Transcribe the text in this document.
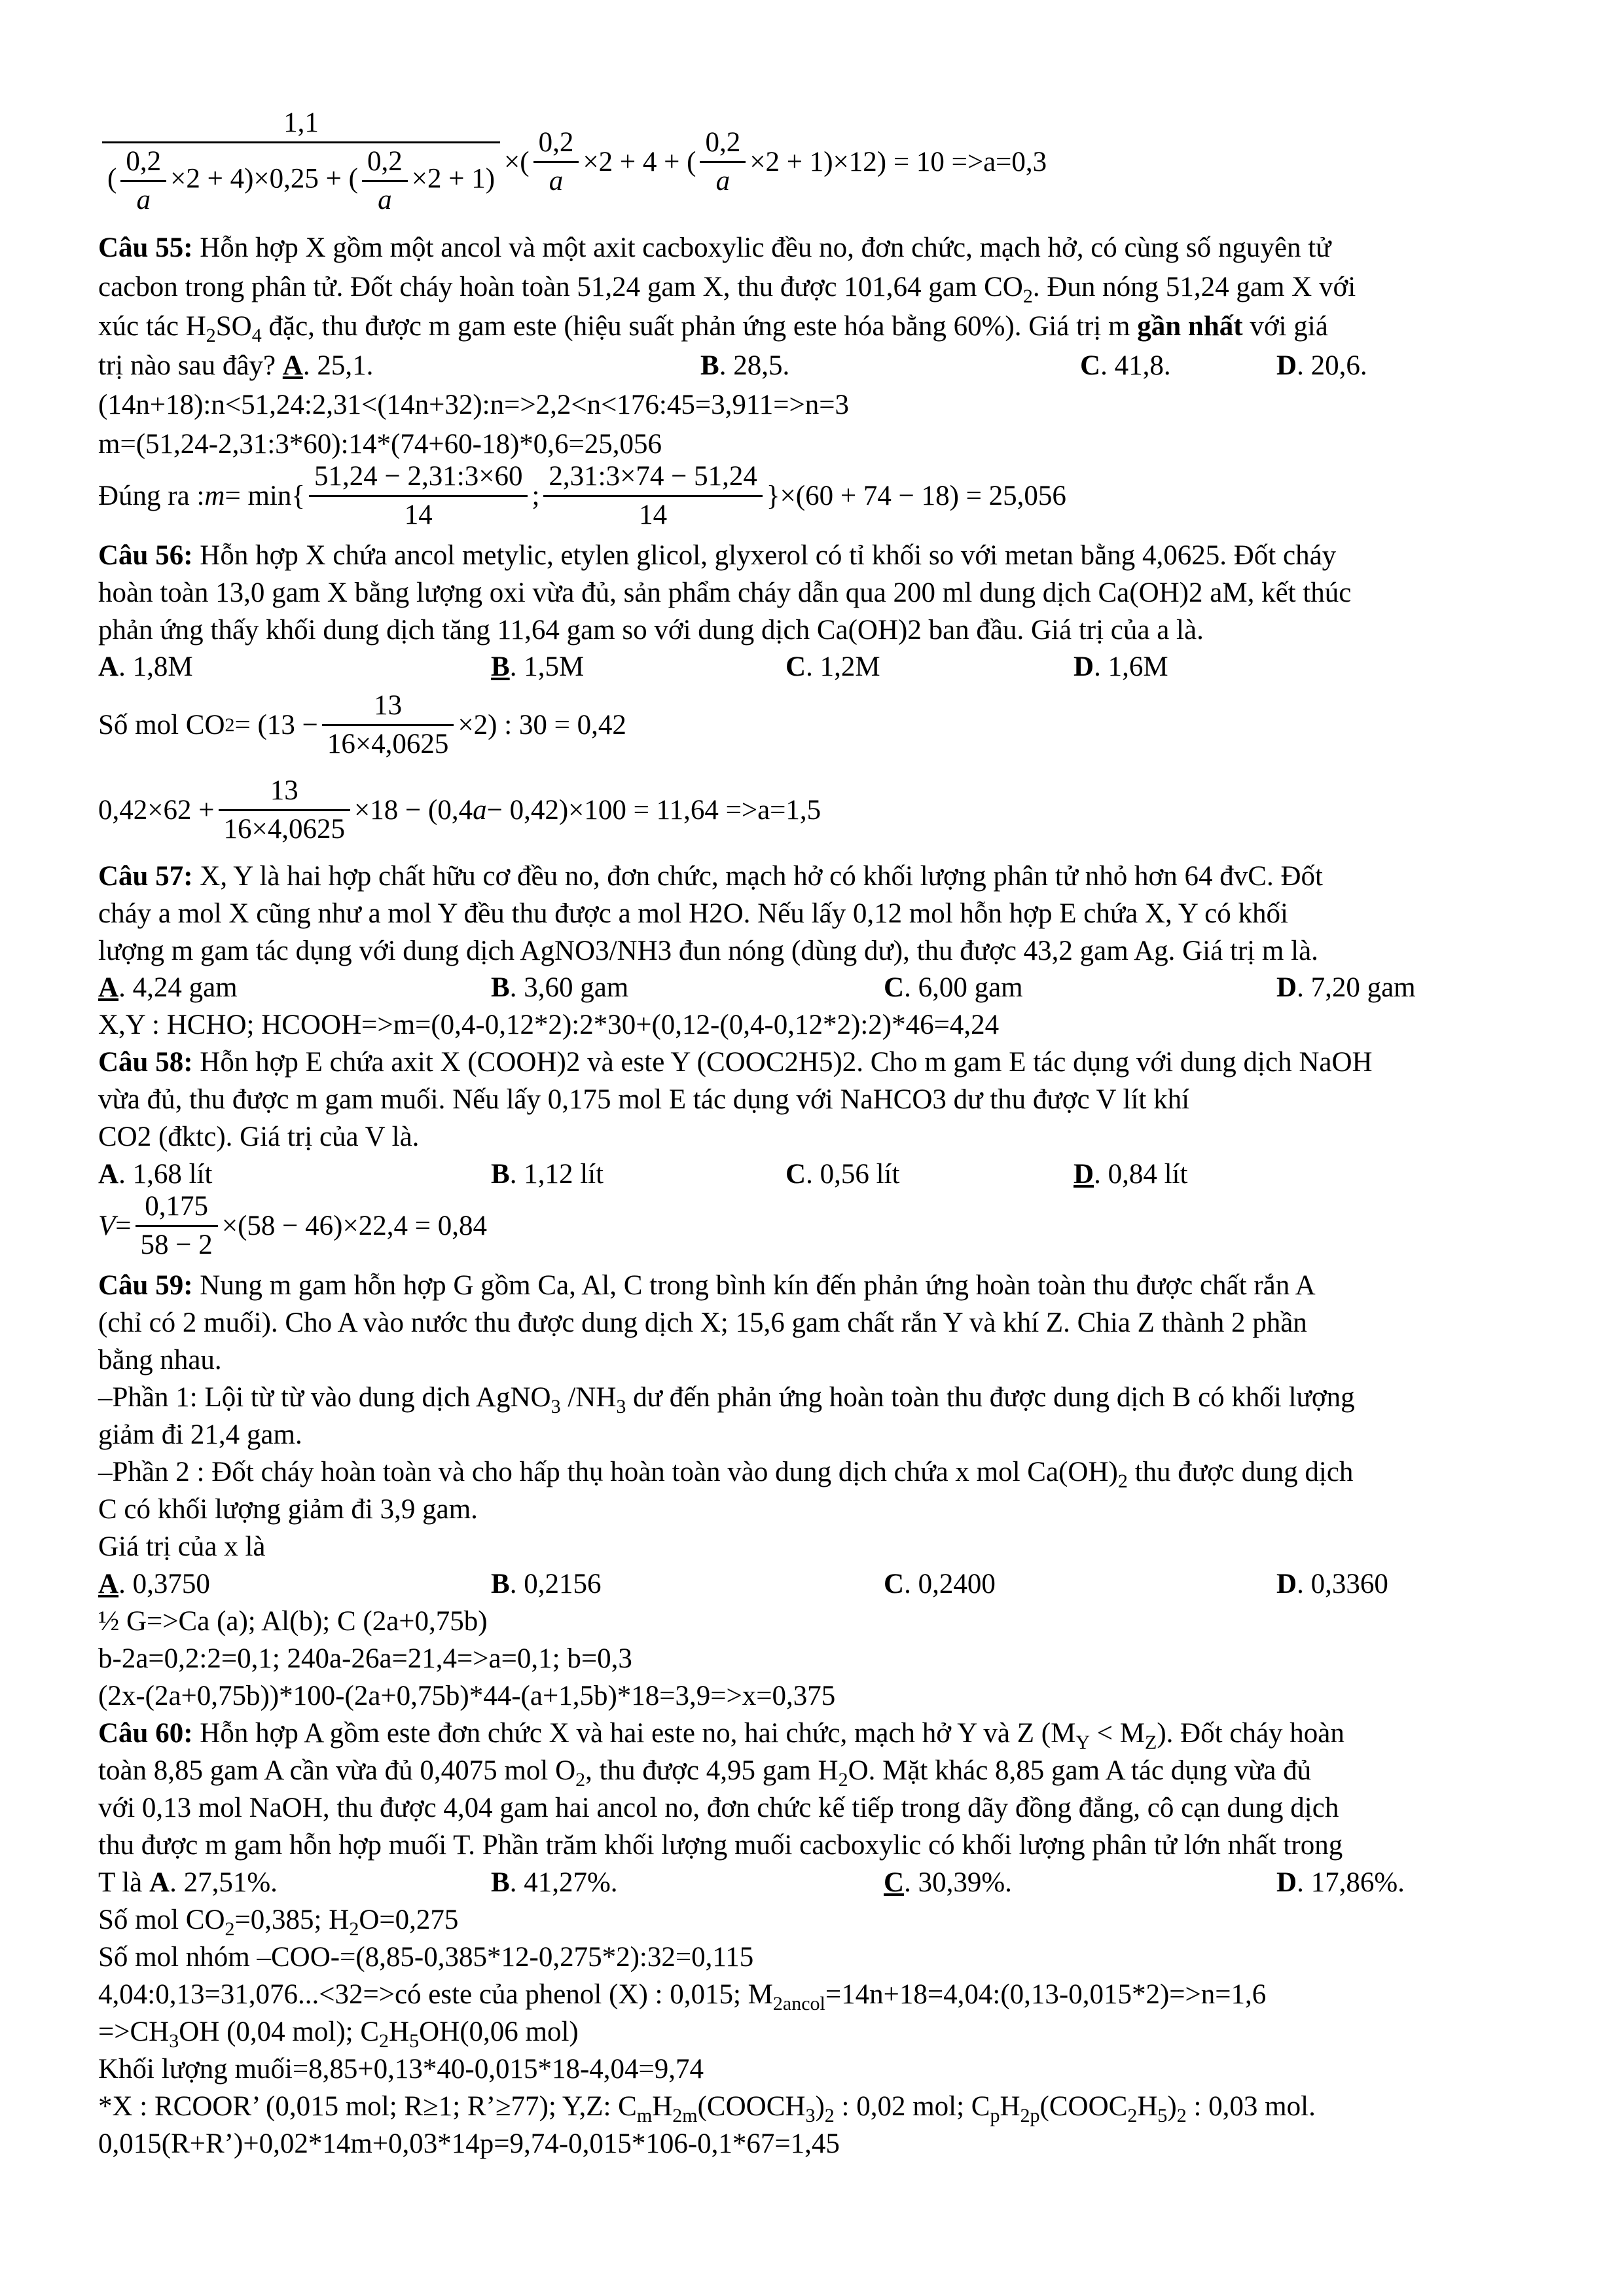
$\frac{1,1}{( \frac{0,2}{a} \times 2 + 4)\times 0,25 + ( \frac{0,2}{a} \times 2 + 1)}$ ×( $\frac{0,2}{a} \times 2 + 4$ + ( $\frac{0,2}{a} \times 2 + 1)\times 12) = 10 =>a=0,3$
Câu 55: Hỗn hợp X gồm một ancol và một axit cacboxylic đều no, đơn chức, mạch hở, có cùng số nguyên tử
cacbon trong phân tử. Đốt cháy hoàn toàn 51,24 gam X, thu được 101,64 gam $CO_2$. Đun nóng 51,24 gam X với
xúc tác $H_2SO_4$ đặc, thu được m gam este (hiệu suất phản ứng este hóa bằng 60%). Giá trị m gần nhất với giá
trị nào sau đây? A. 25,1.	B. 28,5.	C. 41,8.	D. 20,6.
(14n+18):n<51,24:2,31<(14n+32):n=>2,2<n<176:45=3,911=>n=3
m=(51,24-2,31:3*60):14*(74+60-18)*0,6=25,056
Đúng ra : $m = \min\{ \frac{51,24 - 2,31:3\times 60}{14}$ ; $\frac{2,31:3\times 74 - 51,24}{14} \}\times(60 + 74 - 18) = 25,056$
Câu 56: Hỗn hợp X chứa ancol metylic, etylen glicol, glyxerol có tỉ khối so với metan bằng 4,0625. Đốt cháy
hoàn toàn 13,0 gam X bằng lượng oxi vừa đủ, sản phẩm cháy dẫn qua 200 ml dung dịch Ca(OH)2 aM, kết thúc
phản ứng thấy khối dung dịch tăng 11,64 gam so với dung dịch Ca(OH)2 ban đầu. Giá trị của a là.
A. 1,8M	B. 1,5M	C. 1,2M	D. 1,6M
Số mol CO $2 = (13 - \frac{13}{16\times 4,0625} \times 2)$ : 30 = 0,42
$0,42\times 62 + \frac{13}{16\times 4,0625} \times 18 - (0,4$ a − 0,42)×100 = 11,64 =>a=1,5
Câu 57: X, Y là hai hợp chất hữu cơ đều no, đơn chức, mạch hở có khối lượng phân tử nhỏ hơn 64 đvC. Đốt
cháy a mol X cũng như a mol Y đều thu được a mol H2O. Nếu lấy 0,12 mol hỗn hợp E chứa X, Y có khối
lượng m gam tác dụng với dung dịch AgNO3/NH3 đun nóng (dùng dư), thu được 43,2 gam Ag. Giá trị m là.
A. 4,24 gam	B. 3,60 gam	C. 6,00 gam	D. 7,20 gam
X,Y : HCHO; HCOOH=>m=(0,4-0,12*2):2*30+(0,12-(0,4-0,12*2):2)*46=4,24
Câu 58: Hỗn hợp E chứa axit X (COOH)2 và este Y (COOC2H5)2. Cho m gam E tác dụng với dung dịch NaOH
vừa đủ, thu được m gam muối. Nếu lấy 0,175 mol E tác dụng với NaHCO3 dư thu được V lít khí
CO2 (đktc). Giá trị của V là.
A. 1,68 lít	B. 1,12 lít	C. 0,56 lít	D. 0,84 lít
$V = \frac{0,175}{58 - 2} \times(58 - 46)\times 22,4 = 0,84$
Câu 59: Nung m gam hỗn hợp G gồm Ca, Al, C trong bình kín đến phản ứng hoàn toàn thu được chất rắn A
(chỉ có 2 muối). Cho A vào nước thu được dung dịch X; 15,6 gam chất rắn Y và khí Z. Chia Z thành 2 phần
bằng nhau.
–Phần 1: Lội từ từ vào dung dịch AgNO$_3$ $/NH_3$ dư đến phản ứng hoàn toàn thu được dung dịch B có khối lượng
giảm đi 21,4 gam.
–Phần 2 : Đốt cháy hoàn toàn và cho hấp thụ hoàn toàn vào dung dịch chứa x mol $Ca(OH)_2$ thu được dung dịch
C có khối lượng giảm đi 3,9 gam.
Giá trị của x là
A. 0,3750	B. 0,2156	C. 0,2400	D. 0,3360
½ G=>Ca (a); Al(b); C (2a+0,75b)
b-2a=0,2:2=0,1; 240a-26a=21,4=>a=0,1; b=0,3
(2x-(2a+0,75b))*100-(2a+0,75b)*44-(a+1,5b)*18=3,9=>x=0,375
Câu 60: Hỗn hợp A gồm este đơn chức X và hai este no, hai chức, mạch hở Y và Z $(M_Y < M_Z)$. Đốt cháy hoàn
toàn 8,85 gam A cần vừa đủ 0,4075 mol $O_2$, thu được 4,95 gam $H_2O$. Mặt khác 8,85 gam A tác dụng vừa đủ
với 0,13 mol NaOH, thu được 4,04 gam hai ancol no, đơn chức kế tiếp trong dãy đồng đẳng, cô cạn dung dịch
thu được m gam hỗn hợp muối T. Phần trăm khối lượng muối cacboxylic có khối lượng phân tử lớn nhất trong
T là A. 27,51%.	B. 41,27%.	C. 30,39%.	D. 17,86%.
Số mol $CO_2=0,385$; $H_2O=0,275$
Số mol nhóm –COO-=(8,85-0,385*12-0,275*2):32=0,115
4,04:0,13=31,076...<32=>có este của phenol (X) : 0,015; $M_{2ancol}=14n+18=4,04:(0,13-0,015*2)=>n=1,6$
$=>CH_3OH$ (0,04 mol); $C_2H_5OH(0,06$ mol)
Khối lượng muối=8,85+0,13*40-0,015*18-4,04=9,74
*X : RCOOR’ (0,015 mol; R≥1; R’≥77); Y,Z: $C_mH_{2m}(COOCH_3)_2$ : 0,02 mol; $C_pH_{2p}(COOC_2H_5)_2$ : 0,03 mol.
0,015(R+R’)+0,02*14m+0,03*14p=9,74-0,015*106-0,1*67=1,45
